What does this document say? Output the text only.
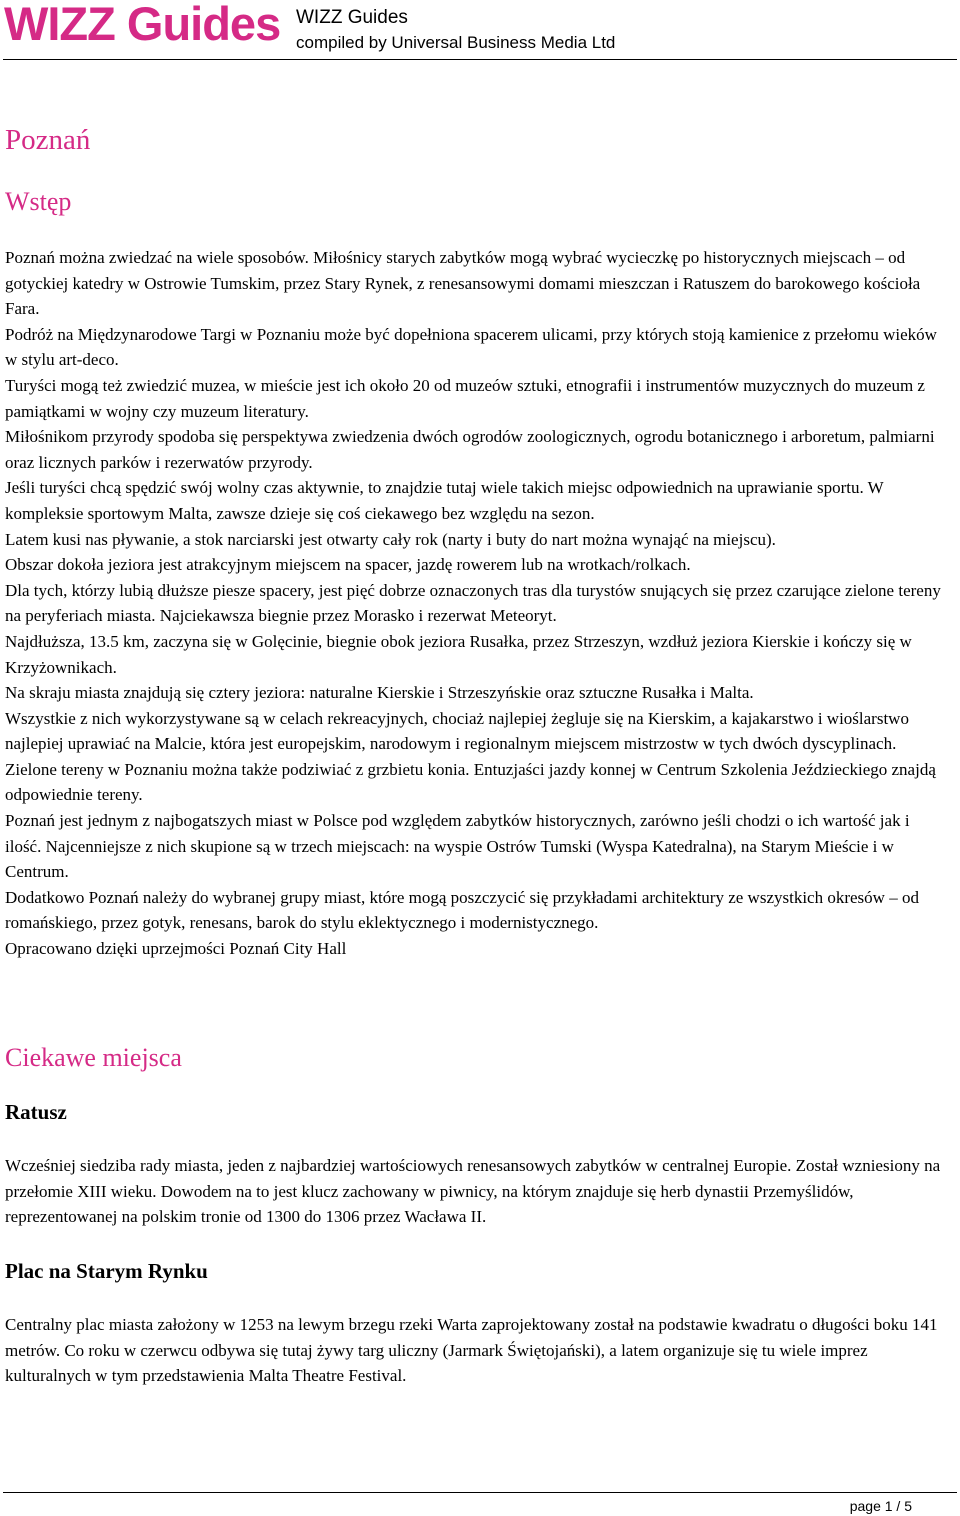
WIZZ Guides WIZZ Guides
compiled by Universal Business Media Ltd
Poznań
Wstęp

Poznań można zwiedzać na wiele sposobów. Miłośnicy starych zabytków mogą wybrać wycieczkę po historycznych miejscach – od gotyckiej katedry w Ostrowie Tumskim, przez Stary Rynek, z renesansowymi domami mieszczan i Ratuszem do barokowego kościoła Fara.

Podróż na Międzynarodowe Targi w Poznaniu może być dopełniona spacerem ulicami, przy których stoją kamienice z przełomu wieków w stylu art-deco.

Turyści mogą też zwiedzić muzea, w mieście jest ich około 20 od muzeów sztuki, etnografii i instrumentów muzycznych do muzeum z pamiątkami w wojny czy muzeum literatury.

Miłośnikom przyrody spodoba się perspektywa zwiedzenia dwóch ogrodów zoologicznych, ogrodu botanicznego i arboretum, palmiarni oraz licznych parków i rezerwatów przyrody.

Jeśli turyści chcą spędzić swój wolny czas aktywnie, to znajdzie tutaj wiele takich miejsc odpowiednich na uprawianie sportu. W kompleksie sportowym Malta, zawsze dzieje się coś ciekawego bez względu na sezon.

Latem kusi nas pływanie, a stok narciarski jest otwarty cały rok (narty i buty do nart można wynająć na miejscu).

Obszar dokoła jeziora jest atrakcyjnym miejscem na spacer, jazdę rowerem lub na wrotkach/rolkach.

Dla tych, którzy lubią dłuższe piesze spacery, jest pięć dobrze oznaczonych tras dla turystów snujących się przez czarujące zielone tereny na peryferiach miasta. Najciekawsza biegnie przez Morasko i rezerwat Meteoryt.

Najdłuższa, 13.5 km, zaczyna się w Golęcinie, biegnie obok jeziora Rusałka, przez Strzeszyn, wzdłuż jeziora Kierskie i kończy się w Krzyżownikach.

Na skraju miasta znajdują się cztery jeziora: naturalne Kierskie i Strzeszyńskie oraz sztuczne Rusałka i Malta.

Wszystkie z nich wykorzystywane są w celach rekreacyjnych, chociaż najlepiej żegluje się na Kierskim, a kajakarstwo i wioślarstwo najlepiej uprawiać na Malcie, która jest europejskim, narodowym i regionalnym miejscem mistrzostw w tych dwóch dyscyplinach.

Zielone tereny w Poznaniu można także podziwiać z grzbietu konia. Entuzjaści jazdy konnej w Centrum Szkolenia Jeździeckiego znajdą odpowiednie tereny.

Poznań jest jednym z najbogatszych miast w Polsce pod względem zabytków historycznych, zarówno jeśli chodzi o ich wartość jak i ilość. Najcenniejsze z nich skupione są w trzech miejscach: na wyspie Ostrów Tumski (Wyspa Katedralna), na Starym Mieście i w Centrum.

Dodatkowo Poznań należy do wybranej grupy miast, które mogą poszczycić się przykładami architektury ze wszystkich okresów – od romańskiego, przez gotyk, renesans, barok do stylu eklektycznego i modernistycznego.

Opracowano dzięki uprzejmości Poznań City Hall

Ciekawe miejsca
Ratusz

Wcześniej siedziba rady miasta, jeden z najbardziej wartościowych renesansowych zabytków w centralnej Europie. Został wzniesiony na przełomie XIII wieku. Dowodem na to jest klucz zachowany w piwnicy, na którym znajduje się herb dynastii Przemyślidów, reprezentowanej na polskim tronie od 1300 do 1306 przez Wacława II.

Plac na Starym Rynku

Centralny plac miasta założony w 1253 na lewym brzegu rzeki Warta zaprojektowany został na podstawie kwadratu o długości boku 141 metrów. Co roku w czerwcu odbywa się tutaj żywy targ uliczny (Jarmark Świętojański), a latem organizuje się tu wiele imprez kulturalnych w tym przedstawienia Malta Theatre Festival.

page 1 / 5
